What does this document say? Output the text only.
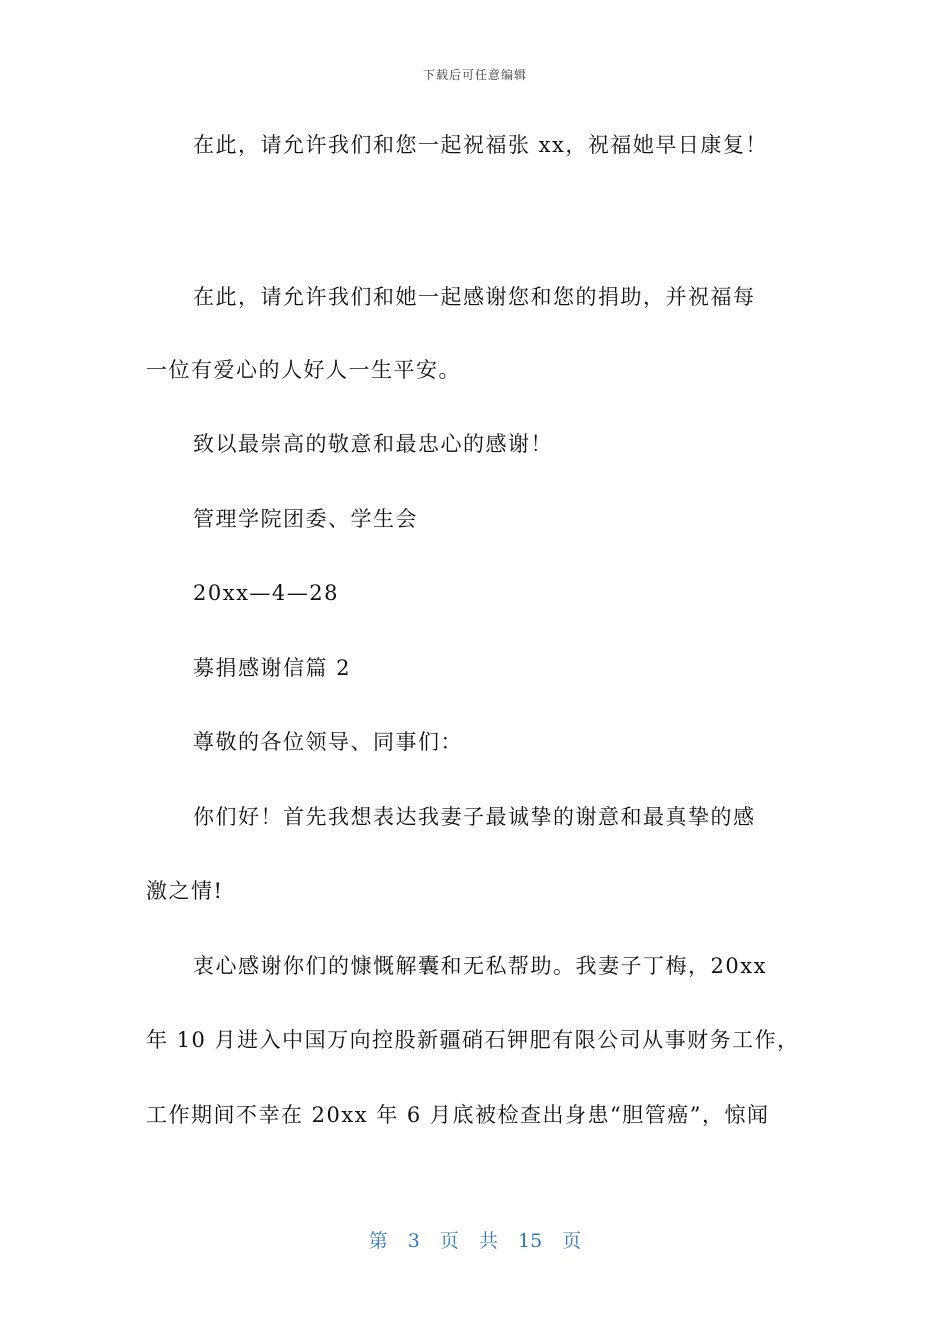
下载后可任意编辑
在此，请允许我们和您一起祝福张 xx，祝福她早日康复！
在此，请允许我们和她一起感谢您和您的捐助，并祝福每
一位有爱心的人好人一生平安。
致以最崇高的敬意和最忠心的感谢！
管理学院团委、学生会
20xx—4—28
募捐感谢信篇 2
尊敬的各位领导、同事们：
你们好！首先我想表达我妻子最诚挚的谢意和最真挚的感
激之情!
衷心感谢你们的慷慨解囊和无私帮助。我妻子丁梅，20xx
年 10 月进入中国万向控股新疆硝石钾肥有限公司从事财务工作，
工作期间不幸在 20xx 年 6 月底被检查出身患“胆管癌”，惊闻
第 3 页 共 15 页
